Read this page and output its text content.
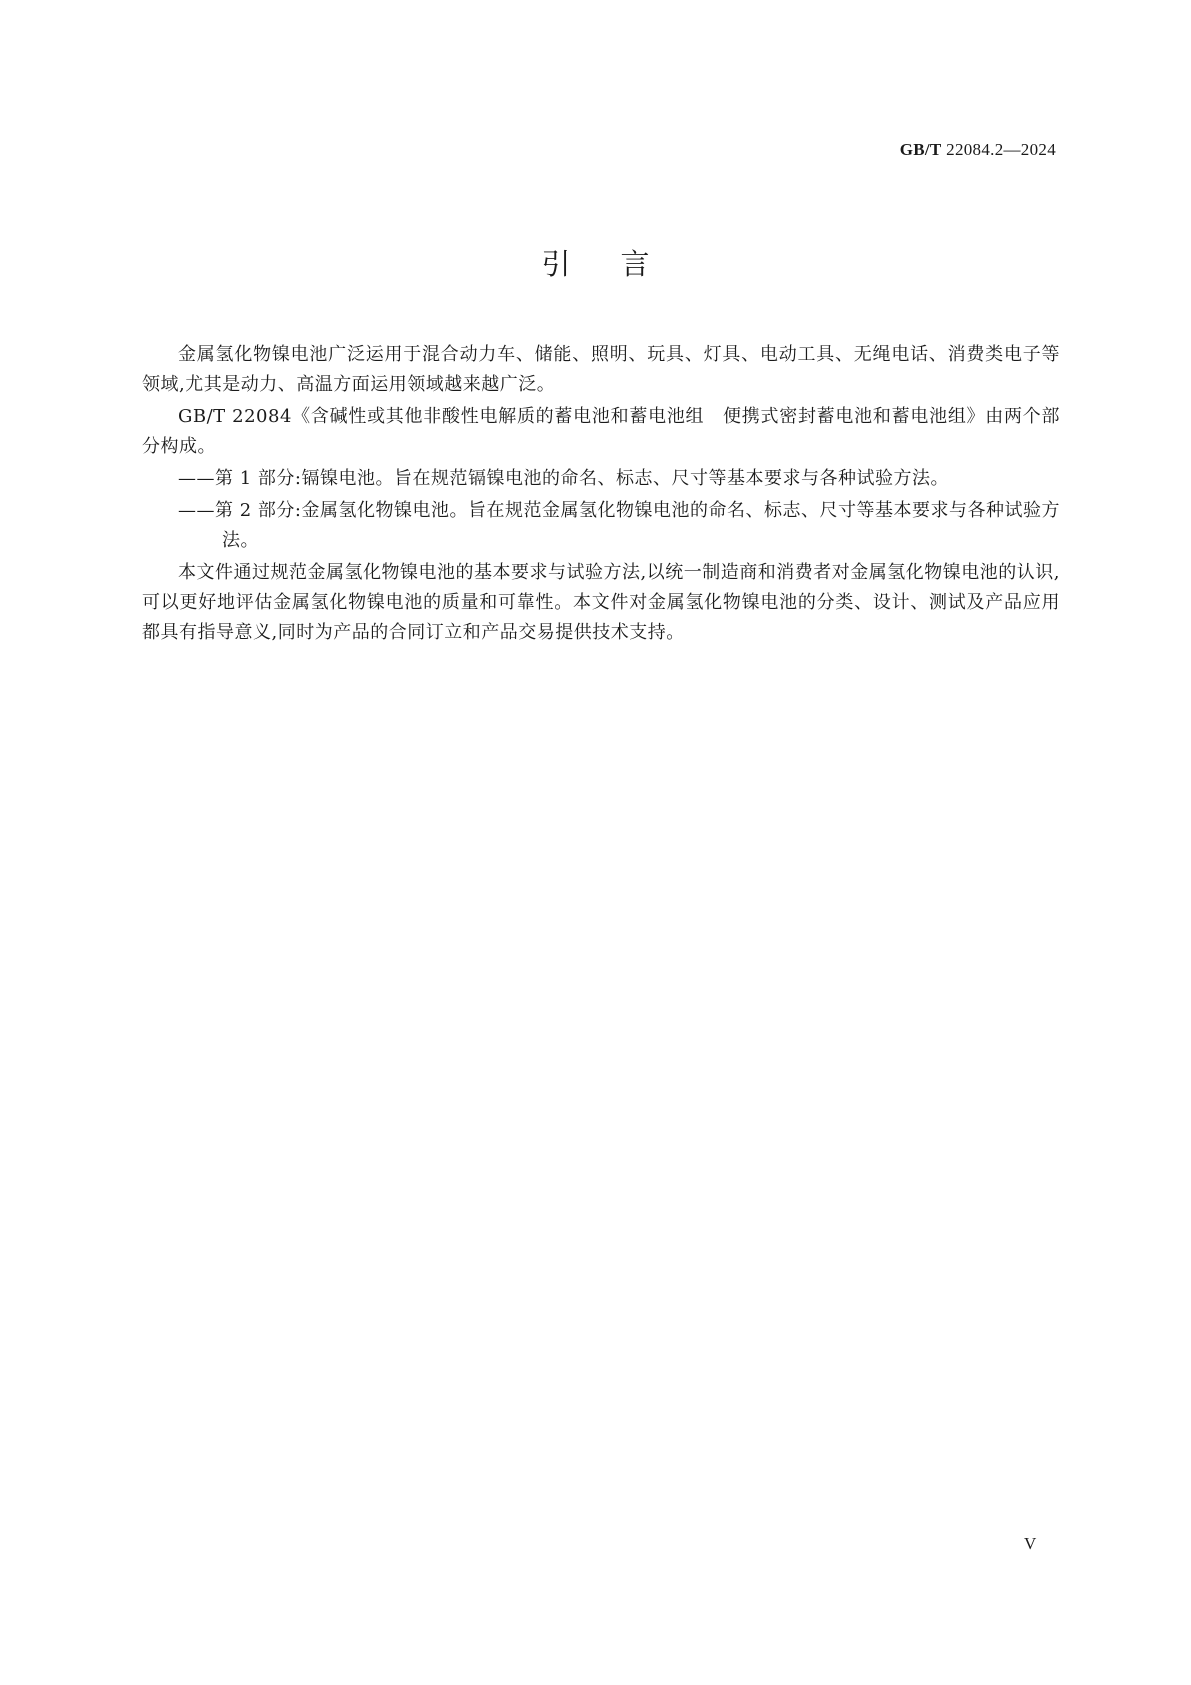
GB/T 22084.2—2024
引言

金属氢化物镍电池广泛运用于混合动力车、储能、照明、玩具、灯具、电动工具、无绳电话、消费类电子等领域,尤其是动力、高温方面运用领域越来越广泛。

GB/T 22084《含碱性或其他非酸性电解质的蓄电池和蓄电池组　便携式密封蓄电池和蓄电池组》由两个部分构成。

——第 1 部分:镉镍电池。旨在规范镉镍电池的命名、标志、尺寸等基本要求与各种试验方法。

——第 2 部分:金属氢化物镍电池。旨在规范金属氢化物镍电池的命名、标志、尺寸等基本要求与各种试验方法。

本文件通过规范金属氢化物镍电池的基本要求与试验方法,以统一制造商和消费者对金属氢化物镍电池的认识,可以更好地评估金属氢化物镍电池的质量和可靠性。本文件对金属氢化物镍电池的分类、设计、测试及产品应用都具有指导意义,同时为产品的合同订立和产品交易提供技术支持。

V
